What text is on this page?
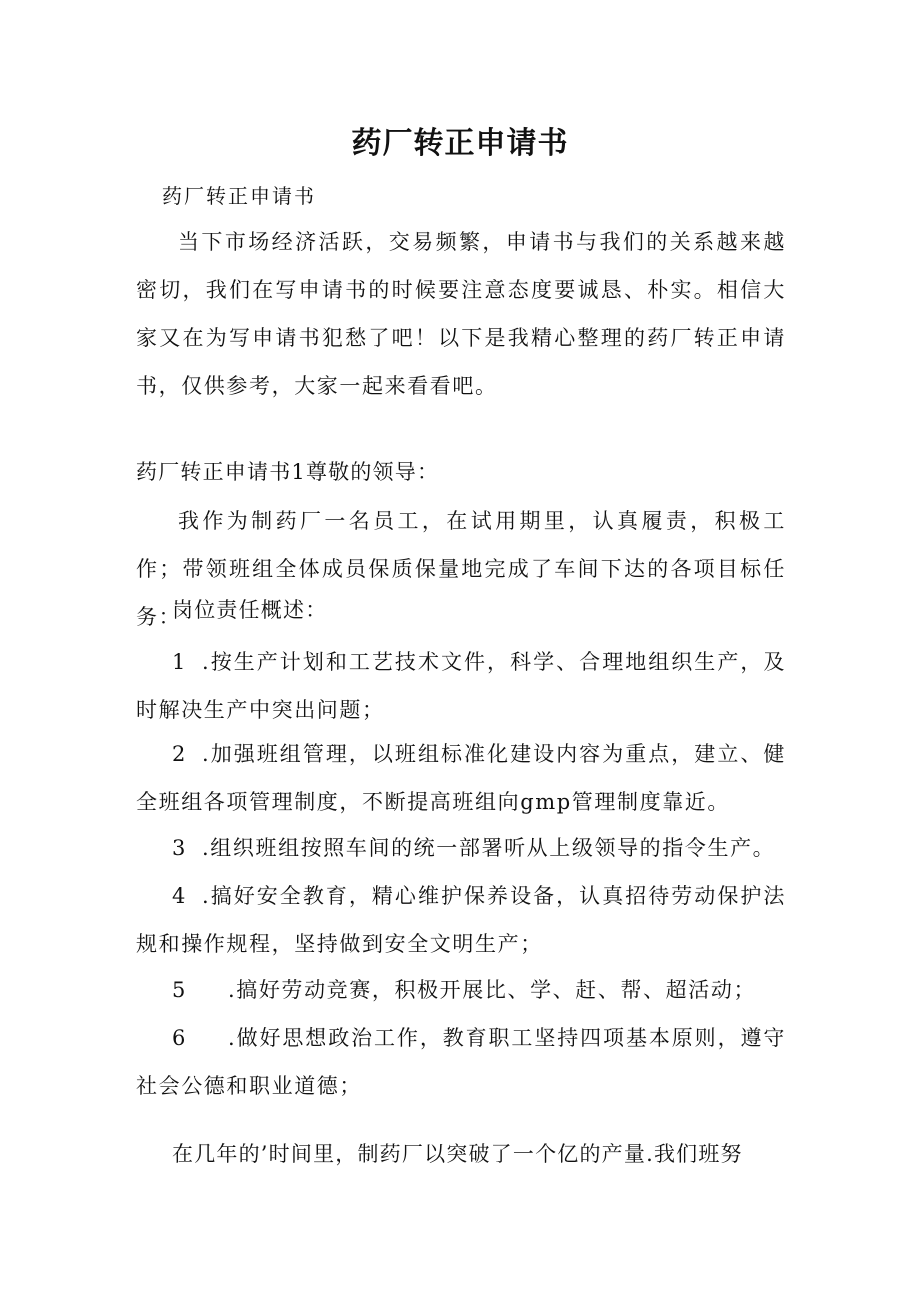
药厂转正申请书
药厂转正申请书
当下市场经济活跃，交易频繁，申请书与我们的关系越来越密切，我们在写申请书的时候要注意态度要诚恳、朴实。相信大家又在为写申请书犯愁了吧！以下是我精心整理的药厂转正申请书，仅供参考，大家一起来看看吧。
药厂转正申请书1尊敬的领导：
我作为制药厂一名员工，在试用期里，认真履责，积极工作；带领班组全体成员保质保量地完成了车间下达的各项目标任务：
岗位责任概述：
1 .按生产计划和工艺技术文件，科学、合理地组织生产，及时解决生产中突出问题；
2 .加强班组管理，以班组标准化建设内容为重点，建立、健全班组各项管理制度，不断提高班组向gmp管理制度靠近。
3 .组织班组按照车间的统一部署听从上级领导的指令生产。
4 .搞好安全教育，精心维护保养设备，认真招待劳动保护法规和操作规程，坚持做到安全文明生产；
5 .搞好劳动竞赛，积极开展比、学、赶、帮、超活动；
6 .做好思想政治工作，教育职工坚持四项基本原则，遵守社会公德和职业道德；
在几年的’时间里，制药厂以突破了一个亿的产量.我们班努
